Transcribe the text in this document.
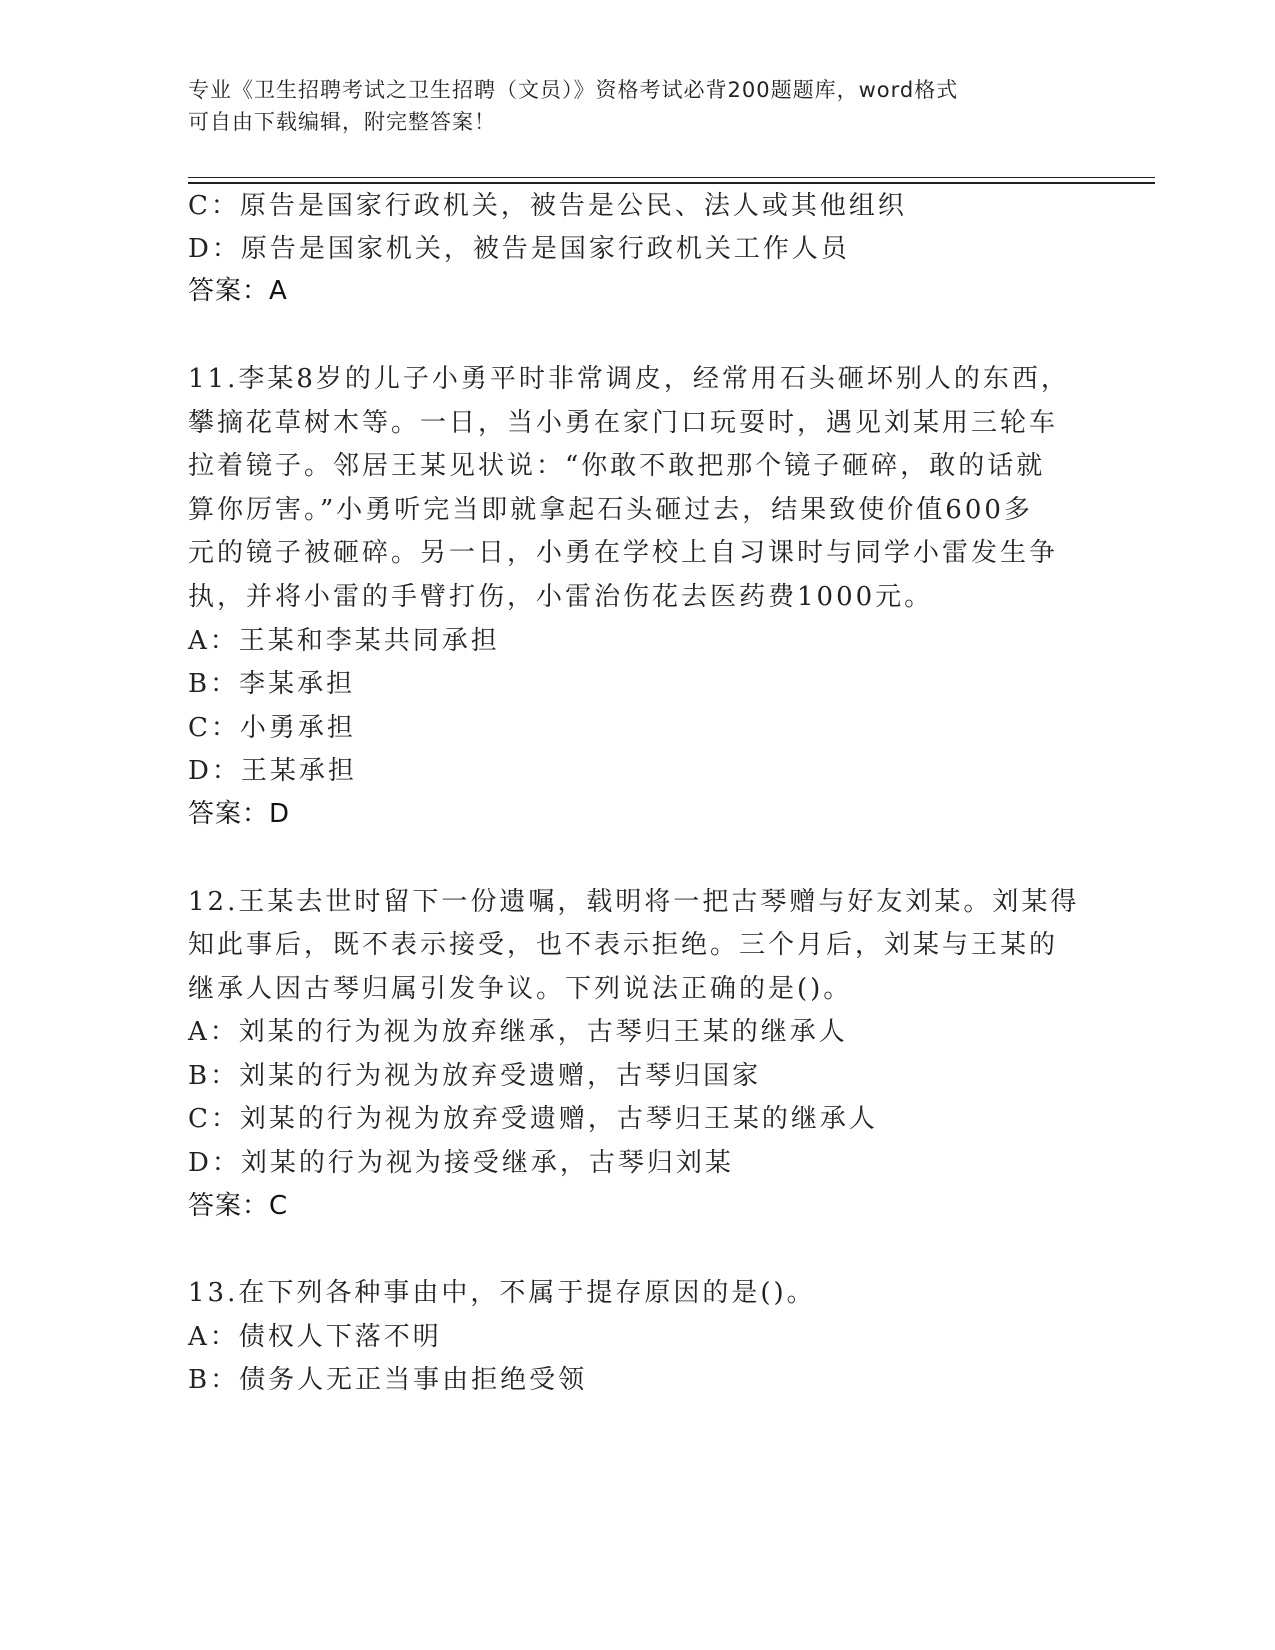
专业《卫生招聘考试之卫生招聘（文员）》资格考试必背200题题库，word格式
可自由下载编辑，附完整答案！
C：原告是国家行政机关，被告是公民、法人或其他组织
D：原告是国家机关，被告是国家行政机关工作人员
答案：A
11.李某8岁的儿子小勇平时非常调皮，经常用石头砸坏别人的东西，
攀摘花草树木等。一日，当小勇在家门口玩耍时，遇见刘某用三轮车
拉着镜子。邻居王某见状说：“你敢不敢把那个镜子砸碎，敢的话就
算你厉害。”小勇听完当即就拿起石头砸过去，结果致使价值600多
元的镜子被砸碎。另一日，小勇在学校上自习课时与同学小雷发生争
执，并将小雷的手臂打伤，小雷治伤花去医药费1000元。
A：王某和李某共同承担
B：李某承担
C：小勇承担
D：王某承担
答案：D
12.王某去世时留下一份遗嘱，载明将一把古琴赠与好友刘某。刘某得
知此事后，既不表示接受，也不表示拒绝。三个月后，刘某与王某的
继承人因古琴归属引发争议。下列说法正确的是()。
A：刘某的行为视为放弃继承，古琴归王某的继承人
B：刘某的行为视为放弃受遗赠，古琴归国家
C：刘某的行为视为放弃受遗赠，古琴归王某的继承人
D：刘某的行为视为接受继承，古琴归刘某
答案：C
13.在下列各种事由中，不属于提存原因的是()。
A：债权人下落不明
B：债务人无正当事由拒绝受领
